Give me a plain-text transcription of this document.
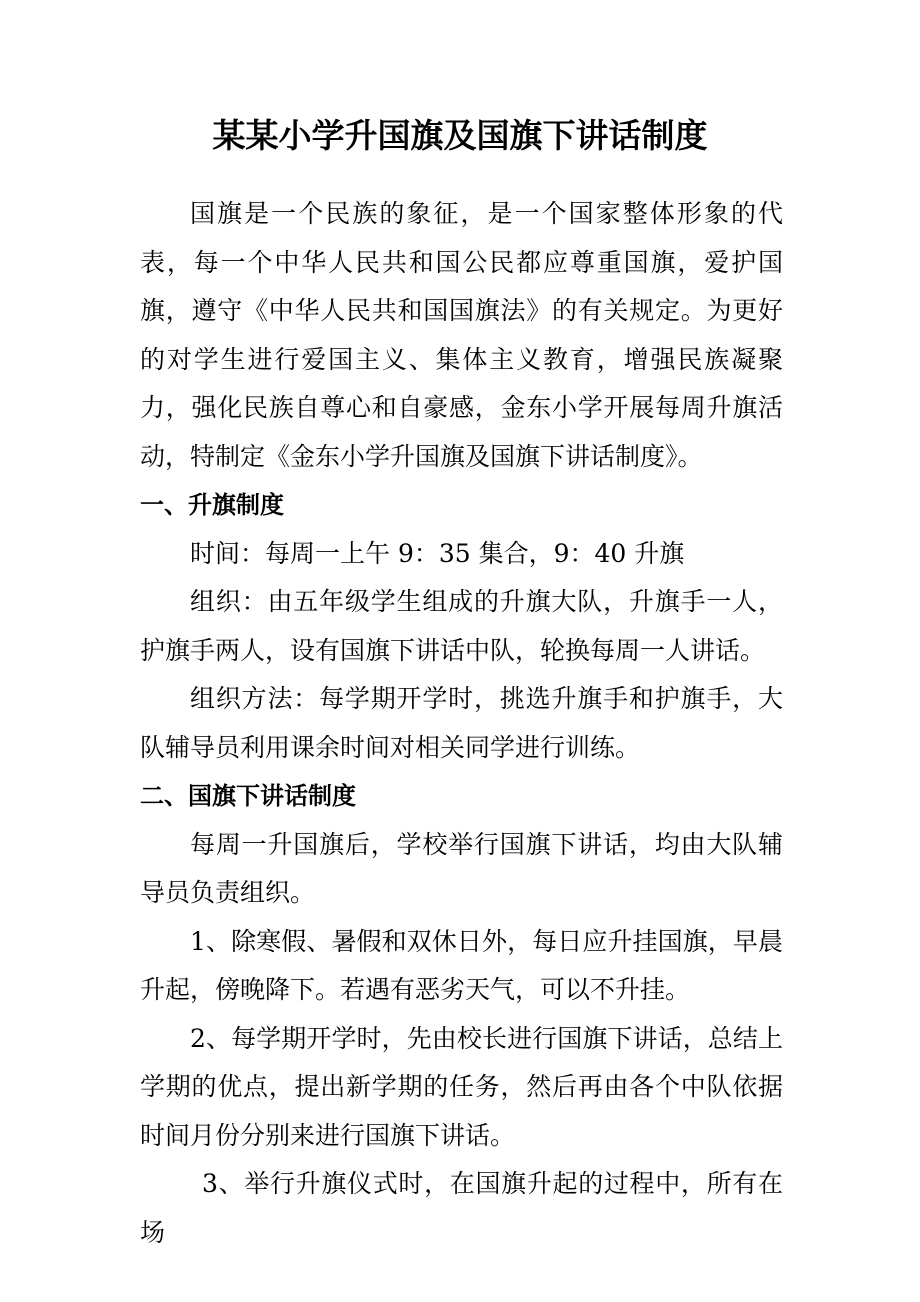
某某小学升国旗及国旗下讲话制度

国旗是一个民族的象征，是一个国家整体形象的代表，每一个中华人民共和国公民都应尊重国旗，爱护国旗，遵守《中华人民共和国国旗法》的有关规定。为更好的对学生进行爱国主义、集体主义教育，增强民族凝聚力，强化民族自尊心和自豪感，金东小学开展每周升旗活动，特制定《金东小学升国旗及国旗下讲话制度》。

一、升旗制度

时间：每周一上午 9：35 集合，9：40 升旗

组织：由五年级学生组成的升旗大队，升旗手一人，护旗手两人，设有国旗下讲话中队，轮换每周一人讲话。

组织方法：每学期开学时，挑选升旗手和护旗手，大队辅导员利用课余时间对相关同学进行训练。

二、国旗下讲话制度

每周一升国旗后，学校举行国旗下讲话，均由大队辅导员负责组织。

1、除寒假、暑假和双休日外，每日应升挂国旗，早晨升起，傍晚降下。若遇有恶劣天气，可以不升挂。

2、每学期开学时，先由校长进行国旗下讲话，总结上学期的优点，提出新学期的任务，然后再由各个中队依据时间月份分别来进行国旗下讲话。

3、举行升旗仪式时，在国旗升起的过程中，所有在场
